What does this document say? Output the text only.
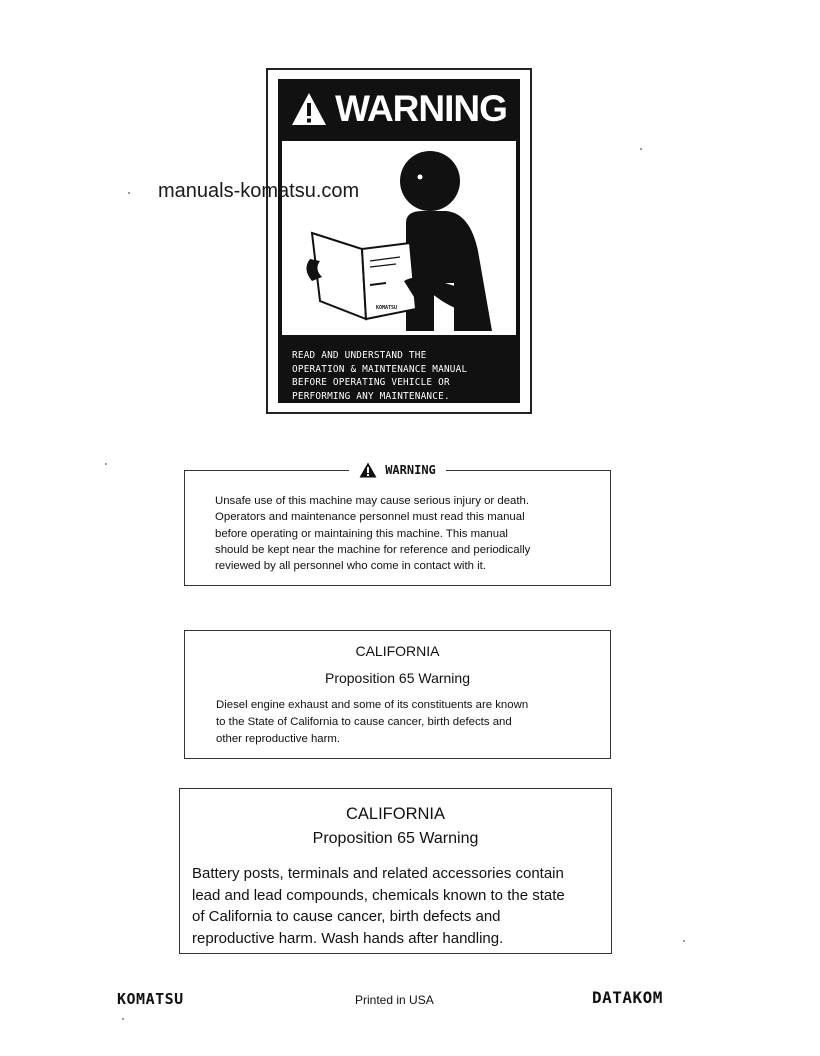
WARNING
KOMATSU
READ AND UNDERSTAND THE
OPERATION & MAINTENANCE MANUAL
BEFORE OPERATING VEHICLE OR
PERFORMING ANY MAINTENANCE.
manuals-komatsu.com
WARNING
Unsafe use of this machine may cause serious injury or death.
Operators and maintenance personnel must read this manual
before operating or maintaining this machine. This manual
should be kept near the machine for reference and periodically
reviewed by all personnel who come in contact with it.
CALIFORNIA
Proposition 65 Warning
Diesel engine exhaust and some of its constituents are known
to the State of California to cause cancer, birth defects and
other reproductive harm.
CALIFORNIA
Proposition 65 Warning
Battery posts, terminals and related accessories contain
lead and lead compounds, chemicals known to the state
of California to cause cancer, birth defects and
reproductive harm. Wash hands after handling.
KOMATSU	Printed in USA	DATAKOM
